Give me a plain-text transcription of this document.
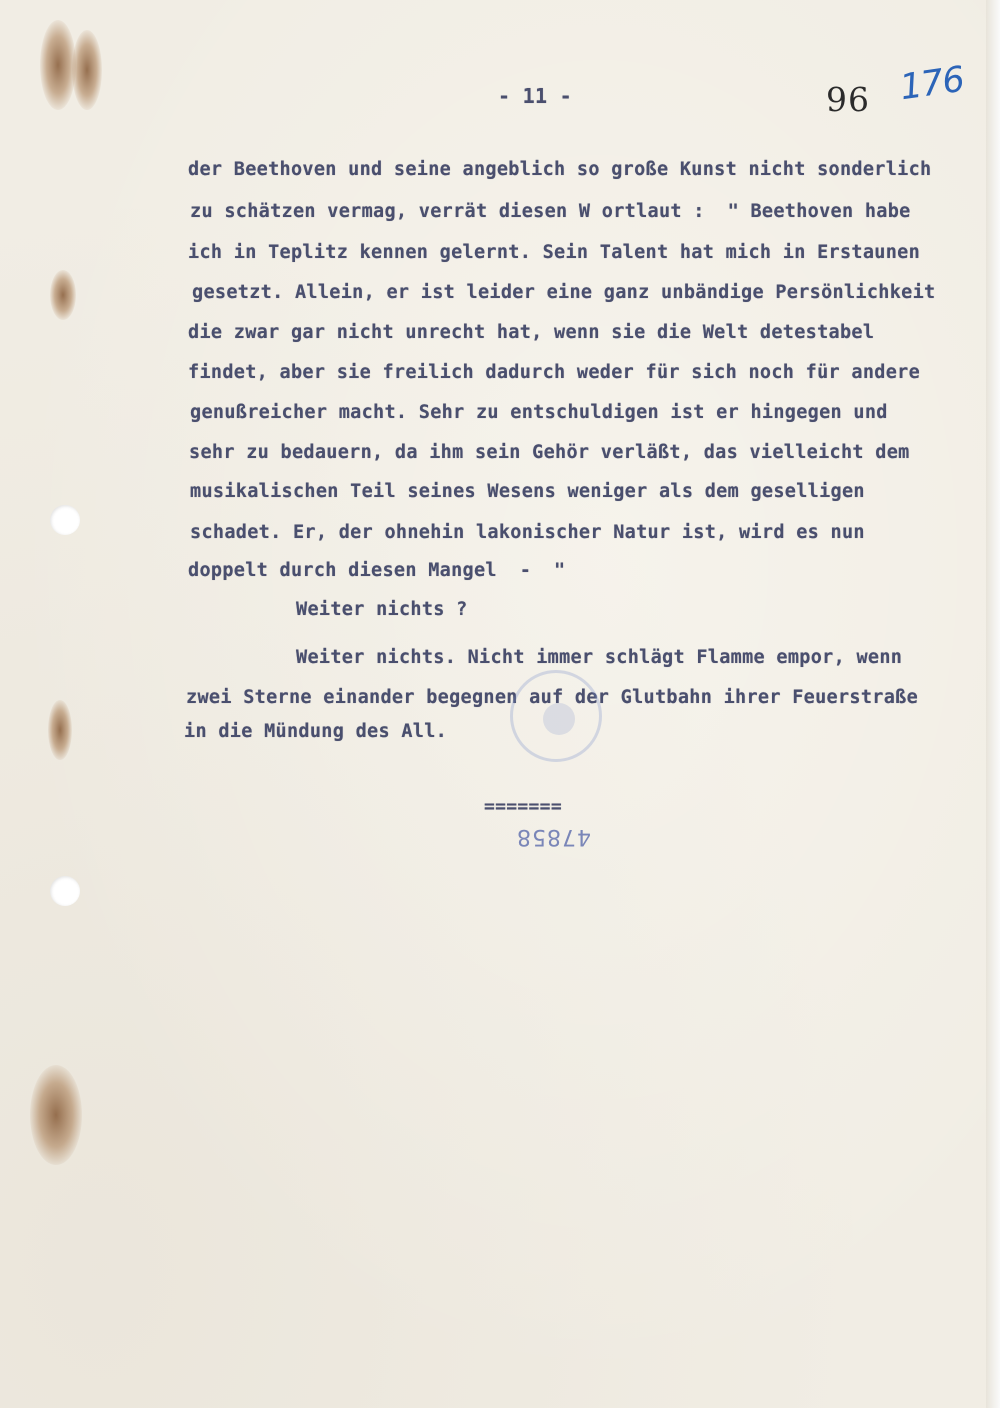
- 11 -	96 176
der Beethoven und seine angeblich so große Kunst nicht sonderlich
zu schätzen vermag, verrät diesen W ortlaut :  " Beethoven habe
ich in Teplitz kennen gelernt. Sein Talent hat mich in Erstaunen
gesetzt. Allein, er ist leider eine ganz unbändige Persönlichkeit
die zwar gar nicht unrecht hat, wenn sie die Welt detestabel
findet, aber sie freilich dadurch weder für sich noch für andere
genußreicher macht. Sehr zu entschuldigen ist er hingegen und
sehr zu bedauern, da ihm sein Gehör verläßt, das vielleicht dem
musikalischen Teil seines Wesens weniger als dem geselligen
schadet. Er, der ohnehin lakonischer Natur ist, wird es nun
doppelt durch diesen Mangel  -  "
Weiter nichts ?
Weiter nichts. Nicht immer schlägt Flamme empor, wenn
zwei Sterne einander begegnen auf der Glutbahn ihrer Feuerstraße
in die Mündung des All.
=======
47858
